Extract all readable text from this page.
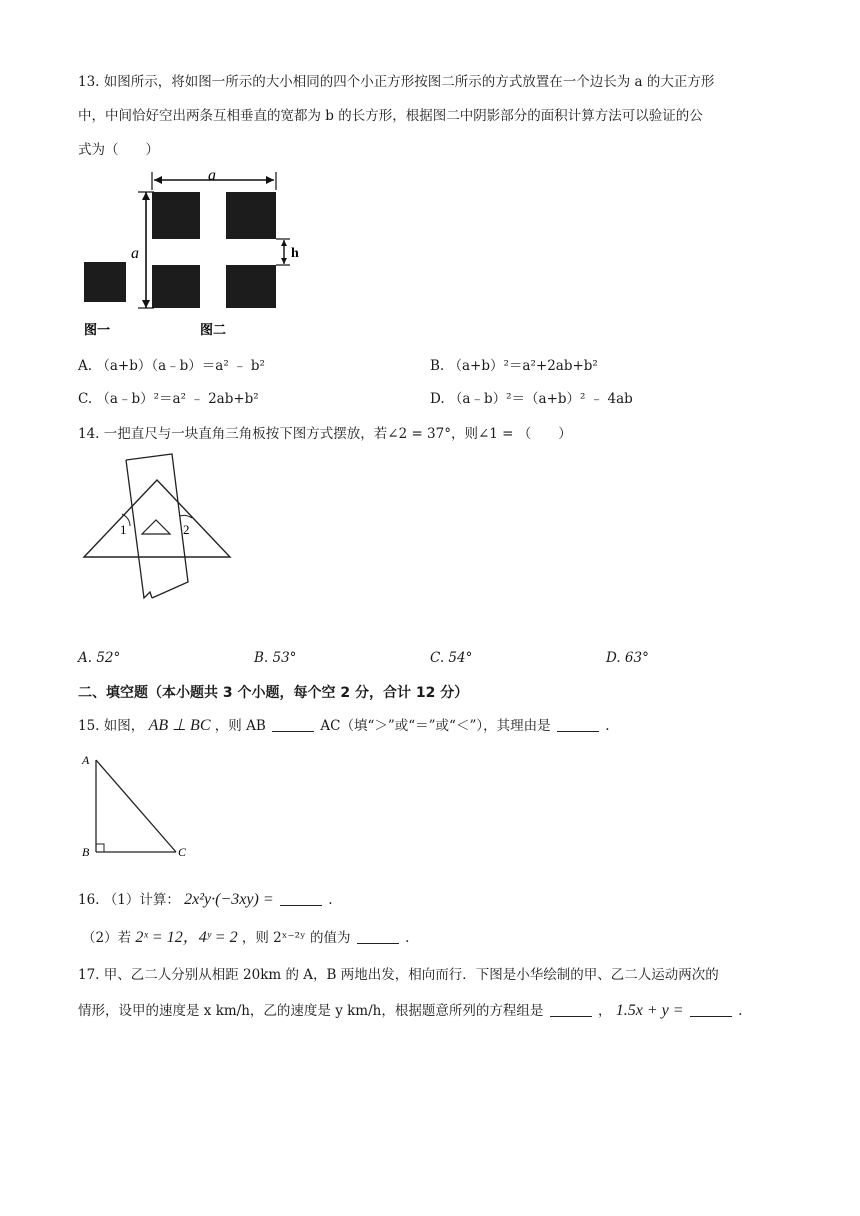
13. 如图所示，将如图一所示的大小相同的四个小正方形按图二所示的方式放置在一个边长为 a 的大正方形
中，中间恰好空出两条互相垂直的宽都为 b 的长方形，根据图二中阴影部分的面积计算方法可以验证的公
式为（　　）
a
a	h
图一	图二
A. （a+b）（a﹣b）＝a² ﹣ b²	B. （a+b）²＝a²+2ab+b²
C. （a﹣b）²＝a² ﹣ 2ab+b²	D. （a﹣b）²＝（a+b）² ﹣ 4ab
14. 一把直尺与一块直角三角板按下图方式摆放，若∠2 = 37°，则∠1 = （　　）
1	2
A. 52°	B. 53°	C. 54°	D. 63°
二、填空题（本小题共 3 个小题，每个空 2 分，合计 12 分）
15. 如图， AB ⊥ BC ，则 AB	AC（填“＞”或“＝”或“＜”），其理由是	.
A
B	C
16. （1）计算： 2x²y·(−3xy) =	.
（2）若 2ˣ = 12，4ʸ = 2 ，则 2ˣ⁻²ʸ 的值为	.
17. 甲、乙二人分别从相距 20km 的 A，B 两地出发，相向而行．下图是小华绘制的甲、乙二人运动两次的
情形，设甲的速度是 x km/h，乙的速度是 y km/h，根据题意所列的方程组是	， 1.5x + y =	.
